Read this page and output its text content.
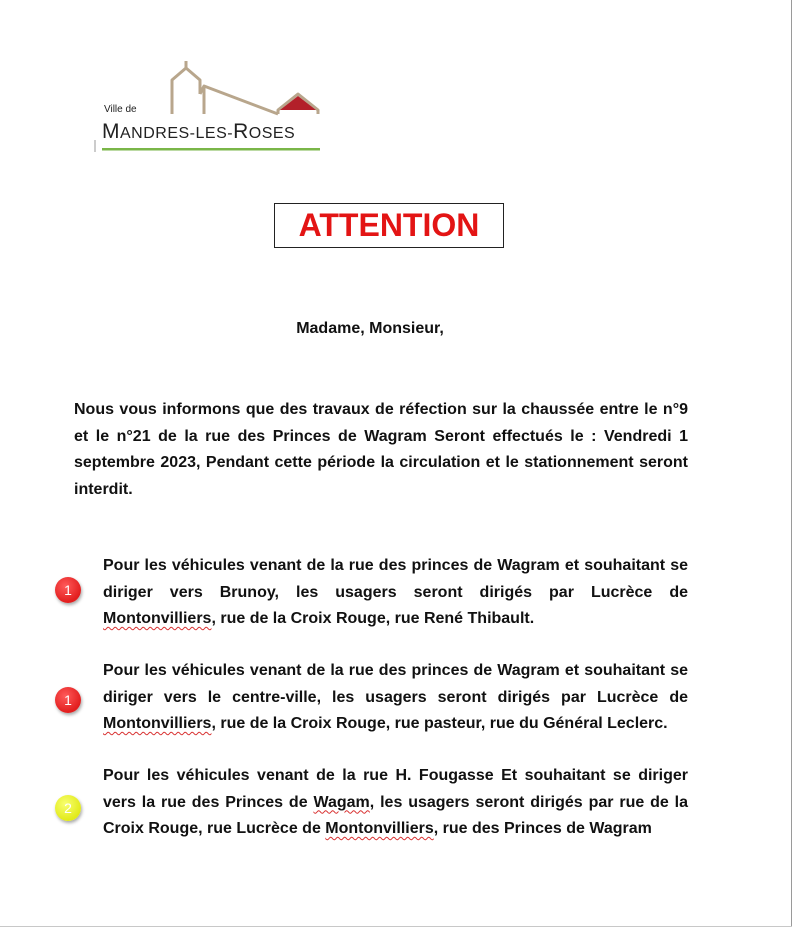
Ville de
MANDRES-LES-ROSES
ATTENTION
Madame, Monsieur,

Nous vous informons que des travaux de réfection sur la chaussée entre le n°9 et le n°21 de la rue des Princes de Wagram Seront effectués le : Vendredi 1 septembre 2023, Pendant cette période la circulation et le stationnement seront interdit.

1

Pour les véhicules venant de la rue des princes de Wagram et souhaitant se diriger vers Brunoy, les usagers seront dirigés par Lucrèce de Montonvilliers, rue de la Croix Rouge, rue René Thibault.

1

Pour les véhicules venant de la rue des princes de Wagram et souhaitant se diriger vers le centre-ville, les usagers seront dirigés par Lucrèce de Montonvilliers, rue de la Croix Rouge, rue pasteur, rue du Général Leclerc.

2

Pour les véhicules venant de la rue H. Fougasse Et souhaitant se diriger vers la rue des Princes de Wagam, les usagers seront dirigés par rue de la Croix Rouge, rue Lucrèce de Montonvilliers, rue des Princes de Wagram
